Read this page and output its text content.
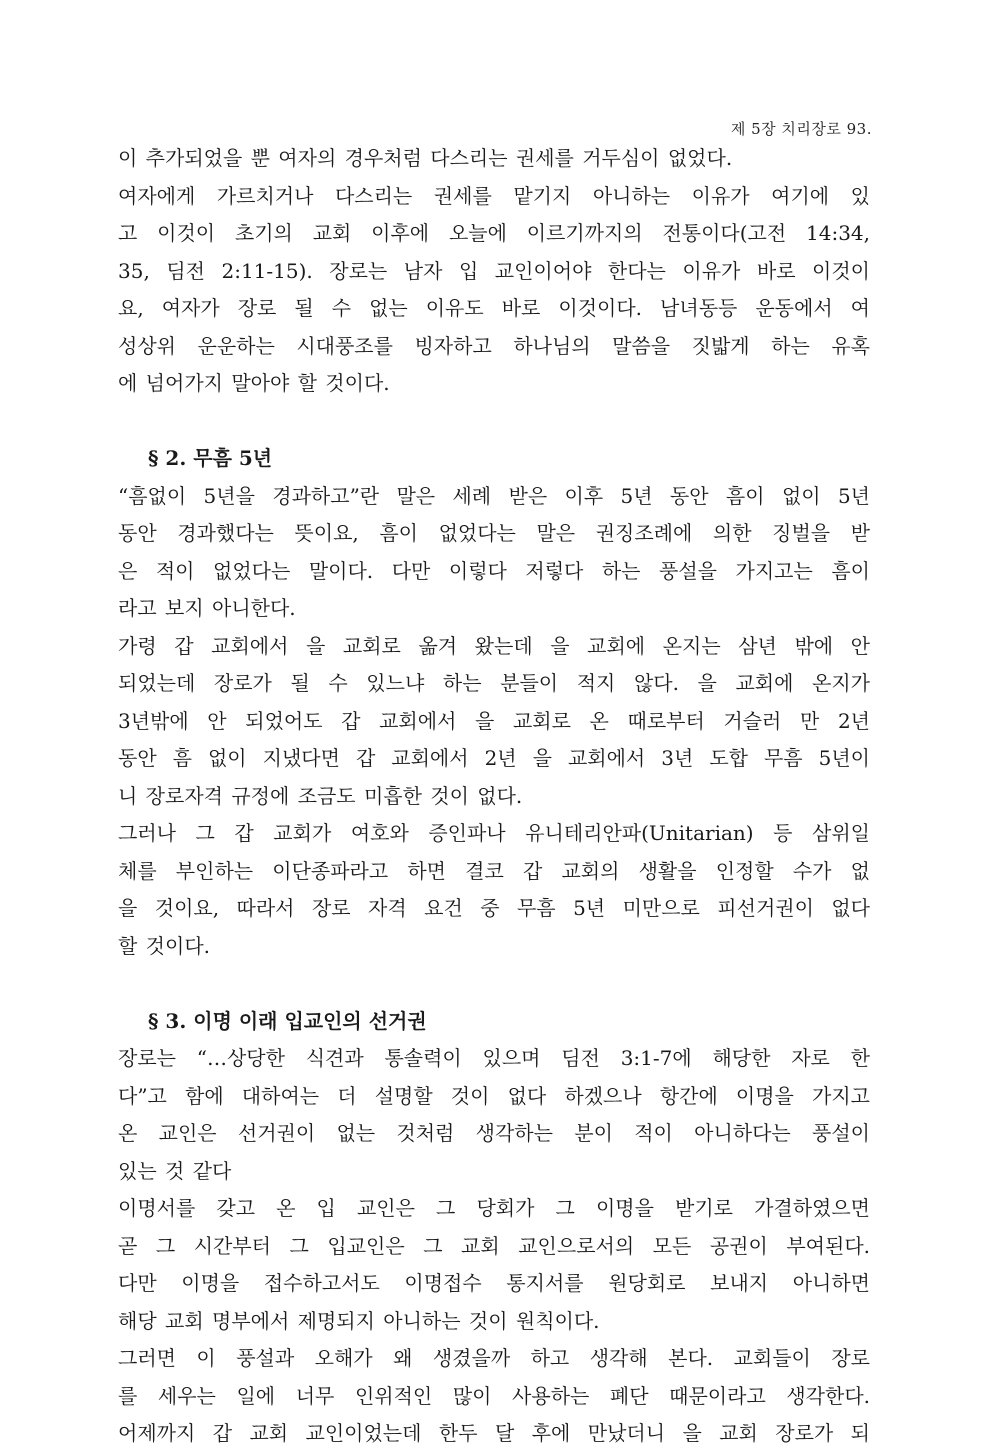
제 5장 치리장로 93.
이 추가되었을 뿐 여자의 경우처럼 다스리는 권세를 거두심이 없었다.
여자에게 가르치거나 다스리는 권세를 맡기지 아니하는 이유가 여기에 있
고 이것이 초기의 교회 이후에 오늘에 이르기까지의 전통이다(고전 14:34,
35, 딤전 2:11-15). 장로는 남자 입 교인이어야 한다는 이유가 바로 이것이
요, 여자가 장로 될 수 없는 이유도 바로 이것이다. 남녀동등 운동에서 여
성상위 운운하는 시대풍조를 빙자하고 하나님의 말씀을 짓밟게 하는 유혹
에 넘어가지 말아야 할 것이다.
§ 2. 무흠 5년
“흠없이 5년을 경과하고”란 말은 세례 받은 이후 5년 동안 흠이 없이 5년
동안 경과했다는 뜻이요, 흠이 없었다는 말은 권징조례에 의한 징벌을 받
은 적이 없었다는 말이다. 다만 이렇다 저렇다 하는 풍설을 가지고는 흠이
라고 보지 아니한다.
가령 갑 교회에서 을 교회로 옮겨 왔는데 을 교회에 온지는 삼년 밖에 안
되었는데 장로가 될 수 있느냐 하는 분들이 적지 않다. 을 교회에 온지가
3년밖에 안 되었어도 갑 교회에서 을 교회로 온 때로부터 거슬러 만 2년
동안 흠 없이 지냈다면 갑 교회에서 2년 을 교회에서 3년 도합 무흠 5년이
니 장로자격 규정에 조금도 미흡한 것이 없다.
그러나 그 갑 교회가 여호와 증인파나 유니테리안파(Unitarian) 등 삼위일
체를 부인하는 이단종파라고 하면 결코 갑 교회의 생활을 인정할 수가 없
을 것이요, 따라서 장로 자격 요건 중 무흠 5년 미만으로 피선거권이 없다
할 것이다.
§ 3. 이명 이래 입교인의 선거권
장로는 “…상당한 식견과 통솔력이 있으며 딤전 3:1-7에 해당한 자로 한
다”고 함에 대하여는 더 설명할 것이 없다 하겠으나 항간에 이명을 가지고
온 교인은 선거권이 없는 것처럼 생각하는 분이 적이 아니하다는 풍설이
있는 것 같다
이명서를 갖고 온 입 교인은 그 당회가 그 이명을 받기로 가결하였으면
곧 그 시간부터 그 입교인은 그 교회 교인으로서의 모든 공권이 부여된다.
다만 이명을 접수하고서도 이명접수 통지서를 원당회로 보내지 아니하면
해당 교회 명부에서 제명되지 아니하는 것이 원칙이다.
그러면 이 풍설과 오해가 왜 생겼을까 하고 생각해 본다. 교회들이 장로
를 세우는 일에 너무 인위적인 많이 사용하는 폐단 때문이라고 생각한다.
어제까지 갑 교회 교인이었는데 한두 달 후에 만났더니 을 교회 장로가 되
